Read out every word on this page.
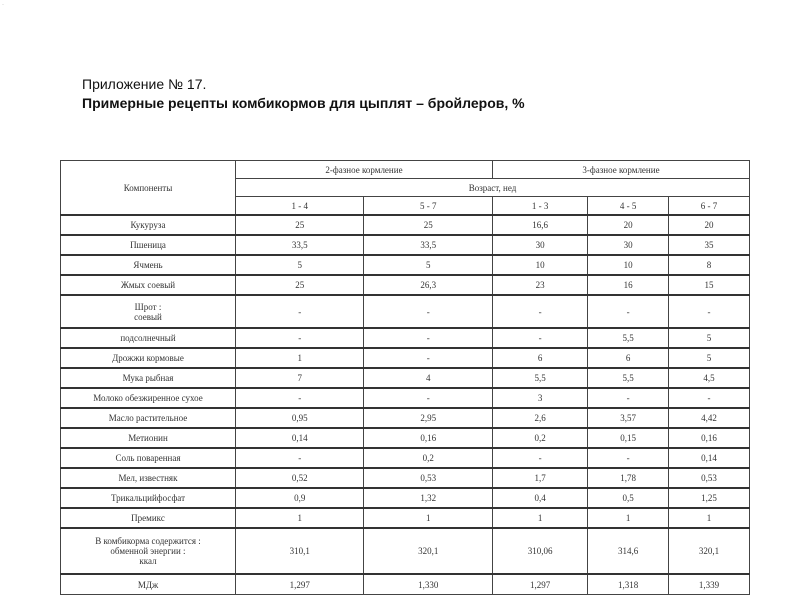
·
Приложение № 17.
Примерные рецепты комбикормов для цыплят – бройлеров, %
Компоненты	2-фазное кормление		3-фазное кормление		
	Возраст, нед				
	1 - 4	5 - 7	1 - 3	4 - 5	6 - 7
Кукуруза	25	25	16,6	20	20
Пшеница	33,5	33,5	30	30	35
Ячмень	5	5	10	10	8
Жмых соевый	25	26,3	23	16	15
Шрот :
соевый	-	-	-	-	-
подсолнечный	-	-	-	5,5	5
Дрожжи кормовые	1	-	6	6	5
Мука рыбная	7	4	5,5	5,5	4,5
Молоко обезжиренное сухое	-	-	3	-	-
Масло растительное	0,95	2,95	2,6	3,57	4,42
Метионин	0,14	0,16	0,2	0,15	0,16
Соль поваренная	-	0,2	-	-	0,14
Мел, известняк	0,52	0,53	1,7	1,78	0,53
Трикальцийфосфат	0,9	1,32	0,4	0,5	1,25
Премикс	1	1	1	1	1
В комбикорма содержится :
обменной энергии :
ккал	310,1	320,1	310,06	314,6	320,1
МДж	1,297	1,330	1,297	1,318	1,339
